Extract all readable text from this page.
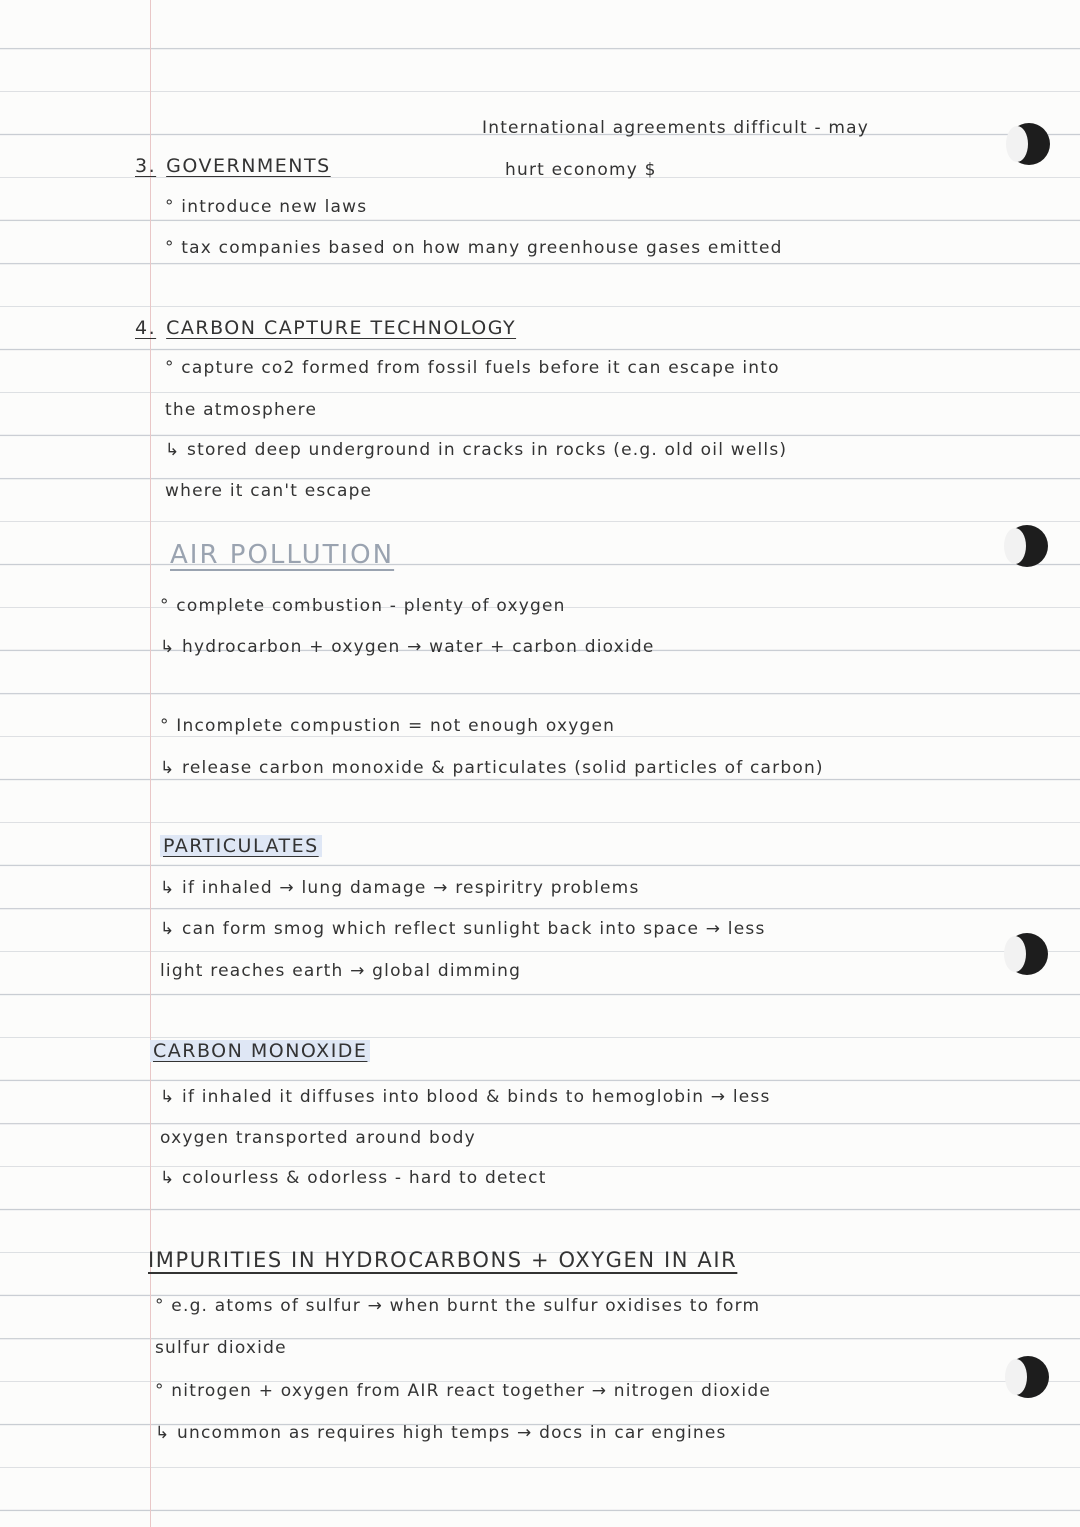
International agreements difficult - may
hurt economy $
3. GOVERNMENTS
° introduce new laws
° tax companies based on how many greenhouse gases emitted
4. CARBON CAPTURE TECHNOLOGY
° capture co2 formed from fossil fuels before it can escape into
the atmosphere
↳ stored deep underground in cracks in rocks (e.g. old oil wells)
where it can't escape
AIR POLLUTION
° complete combustion - plenty of oxygen
↳ hydrocarbon + oxygen → water + carbon dioxide
° Incomplete compustion = not enough oxygen
↳ release carbon monoxide & particulates (solid particles of carbon)
PARTICULATES
↳ if inhaled → lung damage → respiritry problems
↳ can form smog which reflect sunlight back into space → less
light reaches earth → global dimming
CARBON MONOXIDE
↳ if inhaled it diffuses into blood & binds to hemoglobin → less
oxygen transported around body
↳ colourless & odorless - hard to detect
IMPURITIES IN HYDROCARBONS + OXYGEN IN AIR
° e.g. atoms of sulfur → when burnt the sulfur oxidises to form
sulfur dioxide
° nitrogen + oxygen from AIR react together → nitrogen dioxide
↳ uncommon as requires high temps → docs in car engines
